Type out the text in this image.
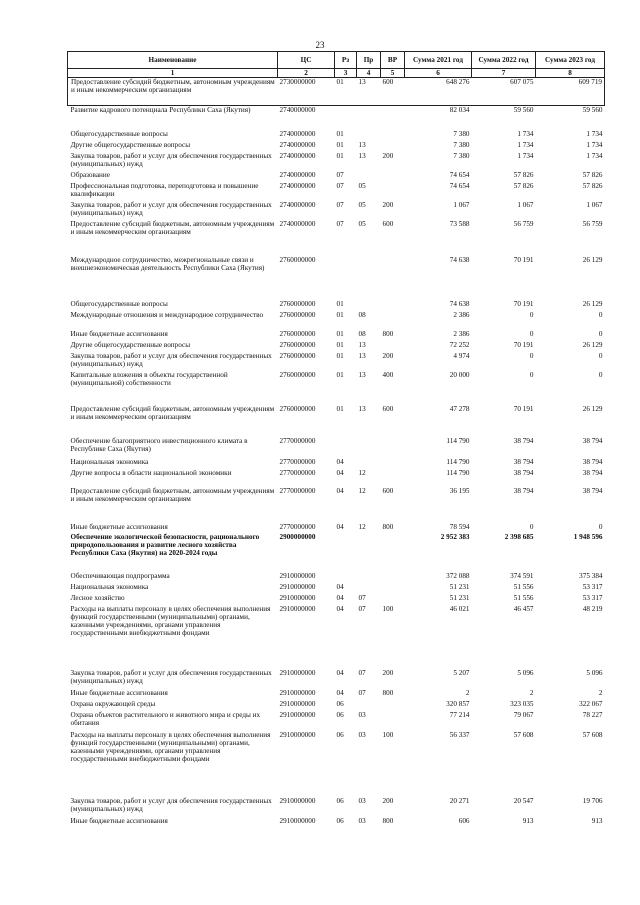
23
Наименование	ЦС	Рз	Пр	ВР	Сумма 2021 год	Сумма 2022 год	Сумма 2023 год
1	2	3	4	5	6	7	8
Предоставление субсидий бюджетным, автономным учреждениям и иным некоммерческим организациям	2730000000	01	13	600	648 276	607 075	609 719
Развитие кадрового потенциала Республики Саха (Якутия)	2740000000				82 034	59 560	59 560
Общегосударственные вопросы	2740000000	01			7 380	1 734	1 734
Другие общегосударственные вопросы	2740000000	01	13		7 380	1 734	1 734
Закупка товаров, работ и услуг для обеспечения государственных (муниципальных) нужд	2740000000	01	13	200	7 380	1 734	1 734
Образование	2740000000	07			74 654	57 826	57 826
Профессиональная подготовка, переподготовка и повышение квалификации	2740000000	07	05		74 654	57 826	57 826
Закупка товаров, работ и услуг для обеспечения государственных (муниципальных) нужд	2740000000	07	05	200	1 067	1 067	1 067
Предоставление субсидий бюджетным, автономным учреждениям и иным некоммерческим организациям	2740000000	07	05	600	73 588	56 759	56 759
Международное сотрудничество, межрегиональные связи и внешнеэкономическая деятельность Республики Саха (Якутия)	2760000000				74 638	70 191	26 129
Общегосударственные вопросы	2760000000	01			74 638	70 191	26 129
Международные отношения и международное сотрудничество	2760000000	01	08		2 386	0	0
Иные бюджетные ассигнования	2760000000	01	08	800	2 386	0	0
Другие общегосударственные вопросы	2760000000	01	13		72 252	70 191	26 129
Закупка товаров, работ и услуг для обеспечения государственных (муниципальных) нужд	2760000000	01	13	200	4 974	0	0
Капитальные вложения в объекты государственной (муниципальной) собственности	2760000000	01	13	400	20 000	0	0
Предоставление субсидий бюджетным, автономным учреждениям и иным некоммерческим организациям	2760000000	01	13	600	47 278	70 191	26 129
Обеспечение благоприятного инвестиционного климата в Республике Саха (Якутия)	2770000000				114 790	38 794	38 794
Национальная экономика	2770000000	04			114 790	38 794	38 794
Другие вопросы в области национальной экономики	2770000000	04	12		114 790	38 794	38 794
Предоставление субсидий бюджетным, автономным учреждениям и иным некоммерческим организациям	2770000000	04	12	600	36 195	38 794	38 794
Иные бюджетные ассигнования	2770000000	04	12	800	78 594	0	0
Обеспечение экологической безопасности, рационального природопользования и развитие лесного хозяйства Республики Саха (Якутия) на 2020-2024 годы	2900000000				2 952 383	2 398 685	1 948 596
Обеспечивающая подпрограмма	2910000000				372 088	374 591	375 384
Национальная экономика	2910000000	04			51 231	51 556	53 317
Лесное хозяйство	2910000000	04	07		51 231	51 556	53 317
Расходы на выплаты персоналу в целях обеспечения выполнения функций государственными (муниципальными) органами, казенными учреждениями, органами управления государственными внебюджетными фондами	2910000000	04	07	100	46 021	46 457	48 219
Закупка товаров, работ и услуг для обеспечения государственных (муниципальных) нужд	2910000000	04	07	200	5 207	5 096	5 096
Иные бюджетные ассигнования	2910000000	04	07	800	2	2	2
Охрана окружающей среды	2910000000	06			320 857	323 035	322 067
Охрана объектов растительного и животного мира и среды их обитания	2910000000	06	03		77 214	79 067	78 227
Расходы на выплаты персоналу в целях обеспечения выполнения функций государственными (муниципальными) органами, казенными учреждениями, органами управления государственными внебюджетными фондами	2910000000	06	03	100	56 337	57 608	57 608
Закупка товаров, работ и услуг для обеспечения государственных (муниципальных) нужд	2910000000	06	03	200	20 271	20 547	19 706
Иные бюджетные ассигнования	2910000000	06	03	800	606	913	913
